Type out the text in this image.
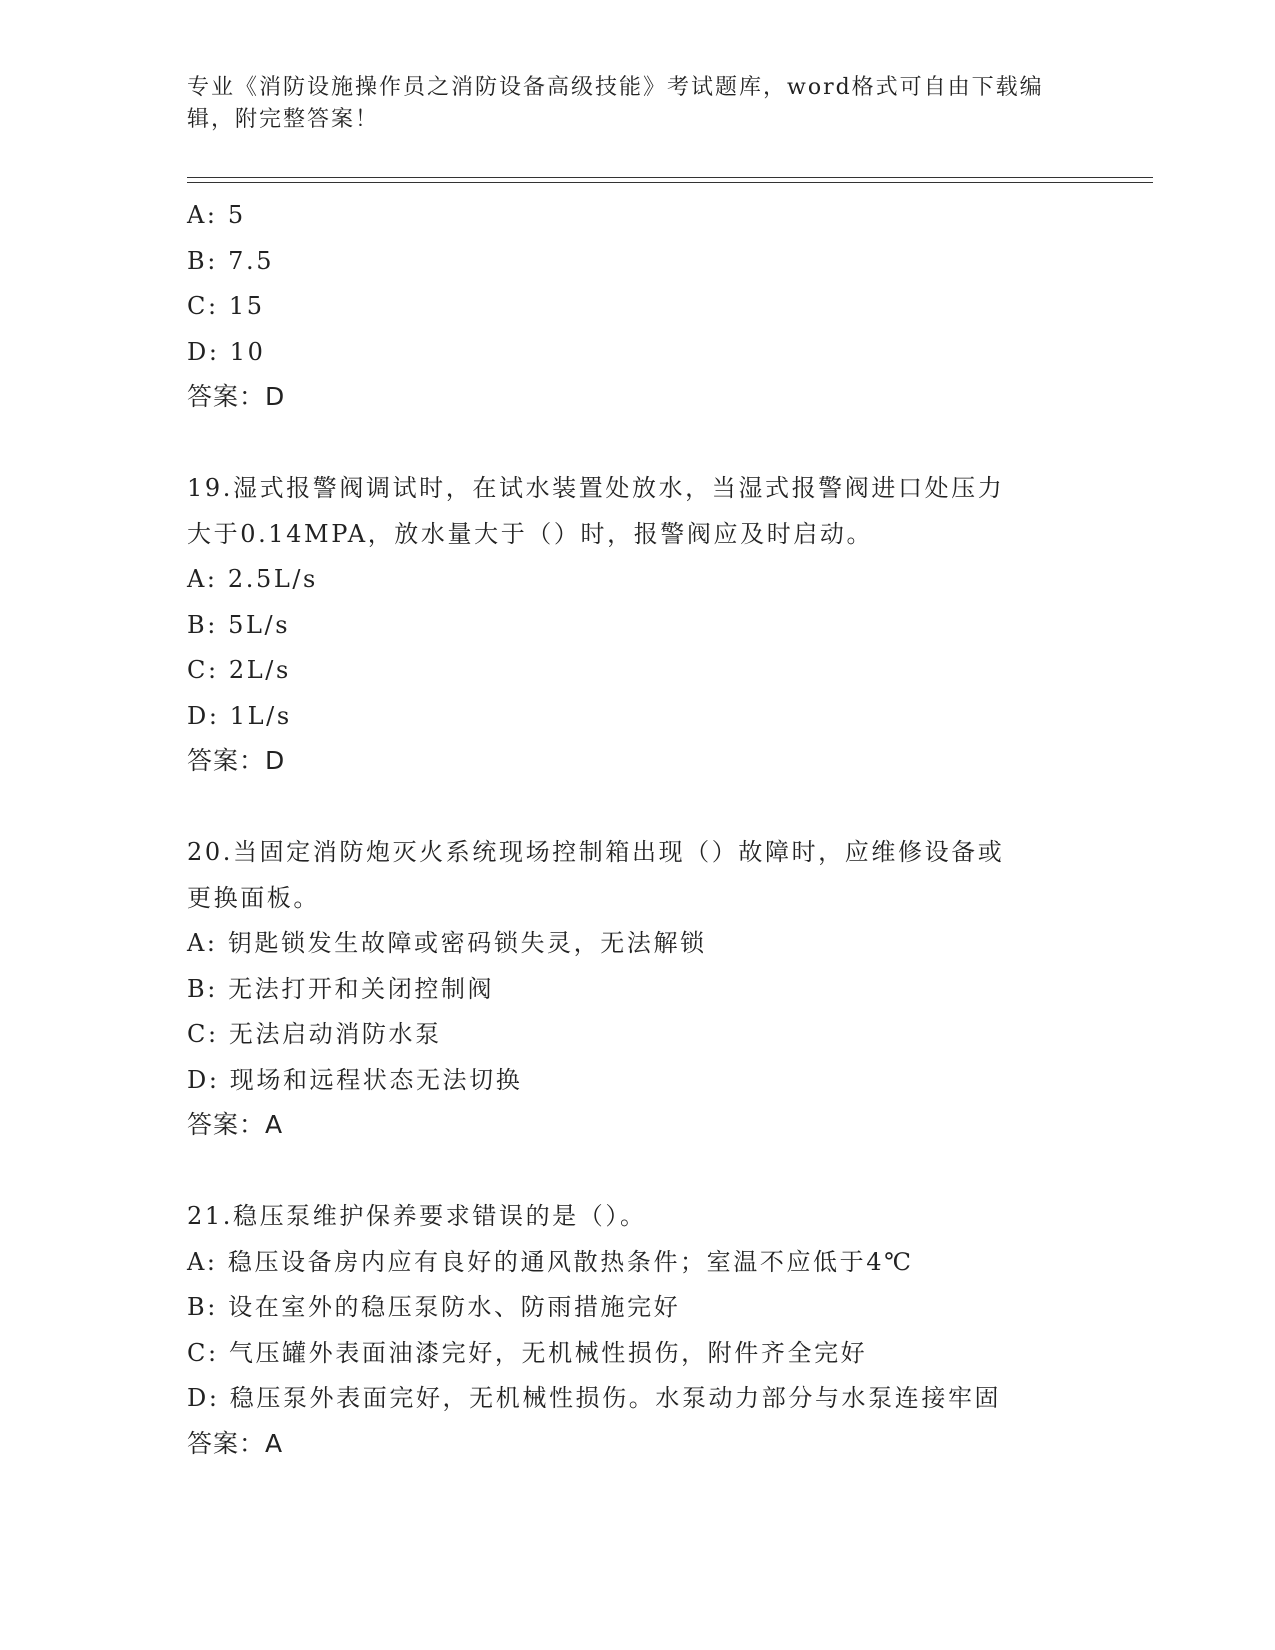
专业《消防设施操作员之消防设备高级技能》考试题库，word格式可自由下载编
辑，附完整答案！
A: 5
B: 7.5
C: 15
D: 10
答案：D
19.湿式报警阀调试时，在试水装置处放水，当湿式报警阀进口处压力
大于0.14MPA，放水量大于（）时，报警阀应及时启动。
A: 2.5L/s
B: 5L/s
C: 2L/s
D: 1L/s
答案：D
20.当固定消防炮灭火系统现场控制箱出现（）故障时，应维修设备或
更换面板。
A: 钥匙锁发生故障或密码锁失灵，无法解锁
B: 无法打开和关闭控制阀
C: 无法启动消防水泵
D: 现场和远程状态无法切换
答案：A
21.稳压泵维护保养要求错误的是（）。
A: 稳压设备房内应有良好的通风散热条件；室温不应低于4℃
B: 设在室外的稳压泵防水、防雨措施完好
C: 气压罐外表面油漆完好，无机械性损伤，附件齐全完好
D: 稳压泵外表面完好，无机械性损伤。水泵动力部分与水泵连接牢固
答案：A
